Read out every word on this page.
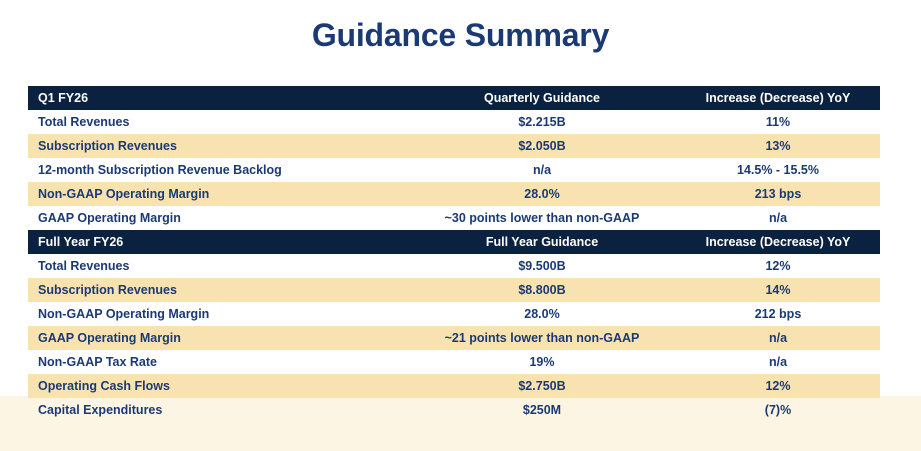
Guidance Summary
Q1 FY26	Quarterly Guidance	Increase (Decrease) YoY
Total Revenues	$2.215B	11%
Subscription Revenues	$2.050B	13%
12-month Subscription Revenue Backlog	n/a	14.5% - 15.5%
Non-GAAP Operating Margin	28.0%	213 bps
GAAP Operating Margin	~30 points lower than non-GAAP	n/a
Full Year FY26	Full Year Guidance	Increase (Decrease) YoY
Total Revenues	$9.500B	12%
Subscription Revenues	$8.800B	14%
Non-GAAP Operating Margin	28.0%	212 bps
GAAP Operating Margin	~21 points lower than non-GAAP	n/a
Non-GAAP Tax Rate	19%	n/a
Operating Cash Flows	$2.750B	12%
Capital Expenditures	$250M	(7)%
